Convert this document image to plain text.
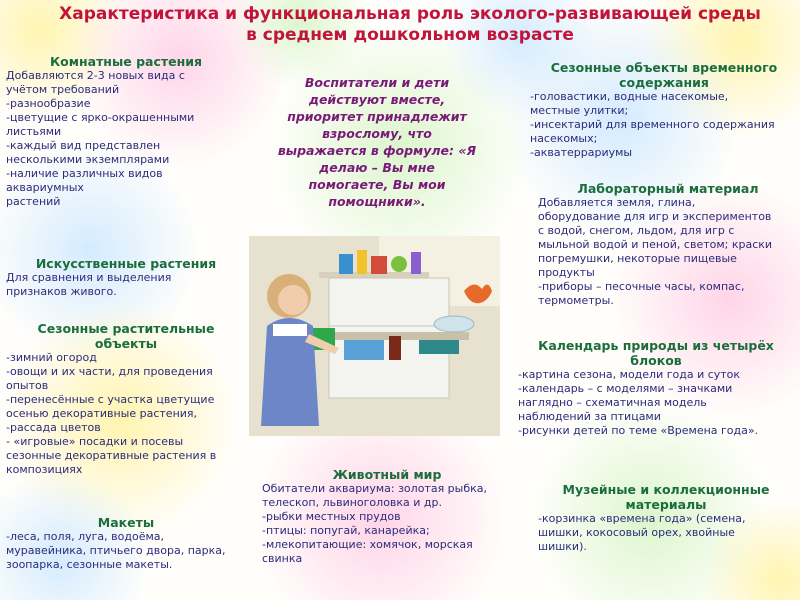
Характеристика и функциональная роль эколого-развивающей среды
в среднем дошкольном возрасте

Комнатные растения

Добавляются 2-3 новых вида с
учётом требований
-разнообразие
-цветущие с ярко-окрашенными
листьями
-каждый вид представлен
несколькими экземплярами
-наличие различных видов
аквариумных
растений

Искусственные растения

Для сравнения и выделения
признаков живого.

Сезонные растительные

объекты

-зимний огород
-овощи и их части, для проведения
опытов
-перенесённые с участка цветущие
осенью декоративные растения,
-рассада цветов
- «игровые» посадки и посевы
сезонные декоративные растения в
композициях

Макеты

-леса, поля, луга, водоёма,
муравейника, птичьего двора, парка,
зоопарка, сезонные макеты.

Воспитатели и дети
действуют вместе,
приоритет принадлежит
взрослому, что
выражается в формуле: «Я
делаю – Вы мне
помогаете, Вы мои
помощники».

Животный мир

Обитатели аквариума: золотая рыбка,
телескоп, львиноголовка и др.
-рыбки местных прудов
-птицы: попугай, канарейка;
-млекопитающие: хомячок, морская
свинка

Сезонные объекты временного

содержания

-головастики, водные насекомые,
местные улитки;
-инсектарий для временного содержания
насекомых;
-акватеррариумы

Лабораторный материал

Добавляется земля, глина,
оборудование для игр и экспериментов
с водой, снегом, льдом, для игр с
мыльной водой и пеной, светом; краски
погремушки, некоторые пищевые
продукты
-приборы – песочные часы, компас,
термометры.

Календарь природы из четырёх

блоков

-картина сезона, модели года и суток
-календарь – с моделями – значками
наглядно – схематичная модель
наблюдений за птицами
-рисунки детей по теме «Времена года».

Музейные и коллекционные

материалы

-корзинка «времена года» (семена,
шишки, кокосовый орех, хвойные
шишки).
